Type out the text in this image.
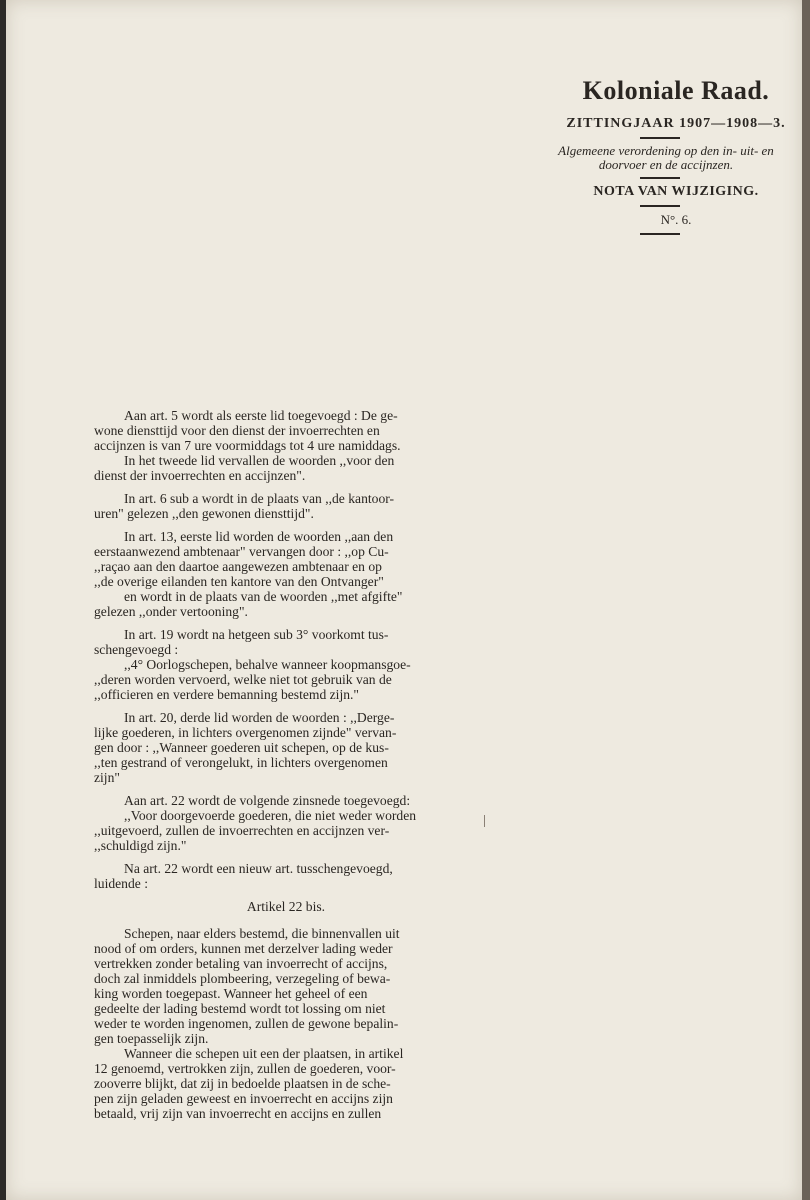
Koloniale Raad.
ZITTINGJAAR 1907—1908—3.
Algemeene verordening op den in- uit- en doorvoer en de accijnzen.
NOTA VAN WIJZIGING.
N°. 6.

Aan art. 5 wordt als eerste lid toegevoegd : De ge-
wone diensttijd voor den dienst der invoerrechten en
accijnzen is van 7 ure voormiddags tot 4 ure namiddags.
In het tweede lid vervallen de woorden ,,voor den
dienst der invoerrechten en accijnzen".

In art. 6 sub a wordt in de plaats van ,,de kantoor-
uren" gelezen ,,den gewonen diensttijd".

In art. 13, eerste lid worden de woorden ,,aan den
eerstaanwezend ambtenaar" vervangen door : ,,op Cu-
,,raçao aan den daartoe aangewezen ambtenaar en op
,,de overige eilanden ten kantore van den Ontvanger"
en wordt in de plaats van de woorden ,,met afgifte"
gelezen ,,onder vertooning".

In art. 19 wordt na hetgeen sub 3° voorkomt tus-
schengevoegd :
,,4° Oorlogschepen, behalve wanneer koopmansgoe-
,,deren worden vervoerd, welke niet tot gebruik van de
,,officieren en verdere bemanning bestemd zijn."

In art. 20, derde lid worden de woorden : ,,Derge-
lijke goederen, in lichters overgenomen zijnde" vervan-
gen door : ,,Wanneer goederen uit schepen, op de kus-
,,ten gestrand of verongelukt, in lichters overgenomen
zijn"

Aan art. 22 wordt de volgende zinsnede toegevoegd:
,,Voor doorgevoerde goederen, die niet weder worden
,,uitgevoerd, zullen de invoerrechten en accijnzen ver-
,,schuldigd zijn."

Na art. 22 wordt een nieuw art. tusschengevoegd,
luidende :

Artikel 22 bis.

Schepen, naar elders bestemd, die binnenvallen uit
nood of om orders, kunnen met derzelver lading weder
vertrekken zonder betaling van invoerrecht of accijns,
doch zal inmiddels plombeering, verzegeling of bewa-
king worden toegepast. Wanneer het geheel of een
gedeelte der lading bestemd wordt tot lossing om niet
weder te worden ingenomen, zullen de gewone bepalin-
gen toepasselijk zijn.
Wanneer die schepen uit een der plaatsen, in artikel
12 genoemd, vertrokken zijn, zullen de goederen, voor-
zooverre blijkt, dat zij in bedoelde plaatsen in de sche-
pen zijn geladen geweest en invoerrecht en accijns zijn
betaald, vrij zijn van invoerrecht en accijns en zullen
